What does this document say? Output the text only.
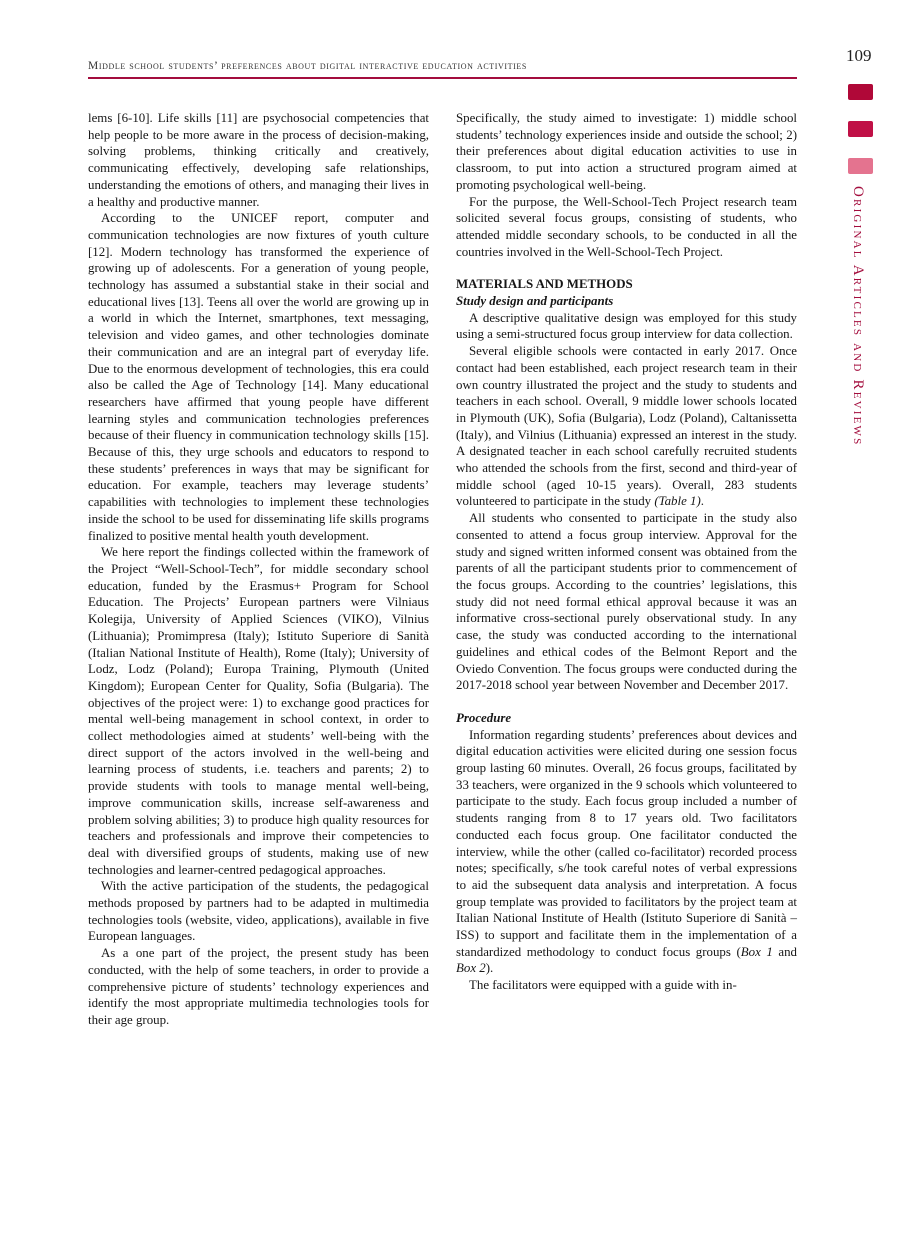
Middle school students’ preferences about digital interactive education activities
109
Original Articles and Reviews

lems [6-10]. Life skills [11] are psychosocial competencies that help people to be more aware in the process of decision-making, solving problems, thinking critically and creatively, communicating effectively, developing safe relationships, understanding the emotions of others, and managing their lives in a healthy and productive manner.

According to the UNICEF report, computer and communication technologies are now fixtures of youth culture [12]. Modern technology has transformed the experience of growing up of adolescents. For a generation of young people, technology has assumed a substantial stake in their social and educational lives [13]. Teens all over the world are growing up in a world in which the Internet, smartphones, text messaging, television and video games, and other technologies dominate their communication and are an integral part of everyday life. Due to the enormous development of technologies, this era could also be called the Age of Technology [14]. Many educational researchers have affirmed that young people have different learning styles and communication technologies preferences because of their fluency in communication technology skills [15]. Because of this, they urge schools and educators to respond to these students’ preferences in ways that may be significant for education. For example, teachers may leverage students’ capabilities with technologies to implement these technologies inside the school to be used for disseminating life skills programs finalized to positive mental health youth development.

We here report the findings collected within the framework of the Project “Well-School-Tech”, for middle secondary school education, funded by the Erasmus+ Program for School Education. The Projects’ European partners were Vilniaus Kolegija, University of Applied Sciences (VIKO), Vilnius (Lithuania); Promimpresa (Italy); Istituto Superiore di Sanità (Italian National Institute of Health), Rome (Italy); University of Lodz, Lodz (Poland); Europa Training, Plymouth (United Kingdom); European Center for Quality, Sofia (Bulgaria). The objectives of the project were: 1) to exchange good practices for mental well-being management in school context, in order to collect methodologies aimed at students’ well-being with the direct support of the actors involved in the well-being and learning process of students, i.e. teachers and parents; 2) to provide students with tools to manage mental well-being, improve communication skills, increase self-awareness and problem solving abilities; 3) to produce high quality resources for teachers and professionals and improve their competencies to deal with diversified groups of students, making use of new technologies and learner-centred pedagogical approaches.

With the active participation of the students, the pedagogical methods proposed by partners had to be adapted in multimedia technologies tools (website, video, applications), available in five European languages.

As a one part of the project, the present study has been conducted, with the help of some teachers, in order to provide a comprehensive picture of students’ technology experiences and identify the most appropriate multimedia technologies tools for their age group.

Specifically, the study aimed to investigate: 1) middle school students’ technology experiences inside and outside the school; 2) their preferences about digital education activities to use in classroom, to put into action a structured program aimed at promoting psychological well-being.

For the purpose, the Well-School-Tech Project research team solicited several focus groups, consisting of students, who attended middle secondary schools, to be conducted in all the countries involved in the Well-School-Tech Project.

MATERIALS AND METHODS

Study design and participants

A descriptive qualitative design was employed for this study using a semi-structured focus group interview for data collection.

Several eligible schools were contacted in early 2017. Once contact had been established, each project research team in their own country illustrated the project and the study to students and teachers in each school. Overall, 9 middle lower schools located in Plymouth (UK), Sofia (Bulgaria), Lodz (Poland), Caltanissetta (Italy), and Vilnius (Lithuania) expressed an interest in the study. A designated teacher in each school carefully recruited students who attended the schools from the first, second and third-year of middle school (aged 10-15 years). Overall, 283 students volunteered to participate in the study (Table 1).

All students who consented to participate in the study also consented to attend a focus group interview. Approval for the study and signed written informed consent was obtained from the parents of all the participant students prior to commencement of the focus groups. According to the countries’ legislations, this study did not need formal ethical approval because it was an informative cross-sectional purely observational study. In any case, the study was conducted according to the international guidelines and ethical codes of the Belmont Report and the Oviedo Convention. The focus groups were conducted during the 2017-2018 school year between November and December 2017.

Procedure

Information regarding students’ preferences about devices and digital education activities were elicited during one session focus group lasting 60 minutes. Overall, 26 focus groups, facilitated by 33 teachers, were organized in the 9 schools which volunteered to participate to the study. Each focus group included a number of students ranging from 8 to 17 years old. Two facilitators conducted each focus group. One facilitator conducted the interview, while the other (called co-facilitator) recorded process notes; specifically, s/he took careful notes of verbal expressions to aid the subsequent data analysis and interpretation. A focus group template was provided to facilitators by the project team at Italian National Institute of Health (Istituto Superiore di Sanità – ISS) to support and facilitate them in the implementation of a standardized methodology to conduct focus groups (Box 1 and Box 2).

The facilitators were equipped with a guide with in-
